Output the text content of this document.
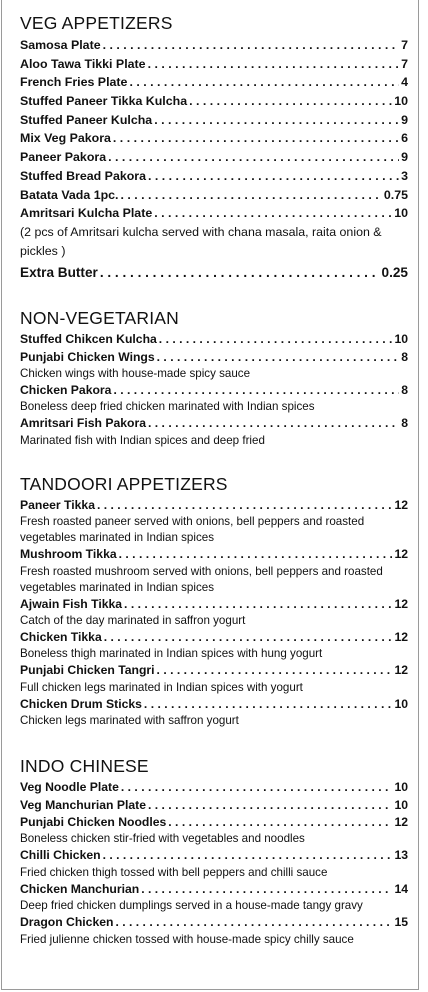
VEG APPETIZERS
Samosa Plate . . .	7
Aloo Tawa Tikki Plate . . .	7
French Fries Plate . . .	4
Stuffed Paneer Tikka Kulcha . . .	10
Stuffed Paneer Kulcha . . .	9
Mix Veg Pakora . . .	6
Paneer Pakora . . .	9
Stuffed Bread Pakora . . .	3
Batata Vada 1pc. . . .	0.75
Amritsari Kulcha Plate . . .	10
(2 pcs of Amritsari kulcha served with chana masala, raita onion & pickles )
Extra Butter . . .	0.25
NON-VEGETARIAN
Stuffed Chikcen Kulcha . . .	10
Punjabi Chicken Wings . . .	8
Chicken wings with house-made spicy sauce
Chicken Pakora . . .	8
Boneless deep fried chicken marinated with Indian spices
Amritsari Fish Pakora . . .	8
Marinated fish with Indian spices and deep fried
TANDOORI APPETIZERS
Paneer Tikka . . .	12
Fresh roasted paneer served with onions, bell peppers and roasted vegetables marinated in Indian spices
Mushroom Tikka . . .	12
Fresh roasted mushroom served with onions, bell peppers and roasted vegetables marinated in Indian spices
Ajwain Fish Tikka . . .	12
Catch of the day marinated in saffron yogurt
Chicken Tikka . . .	12
Boneless thigh marinated in Indian spices with hung yogurt
Punjabi Chicken Tangri . . .	12
Full chicken legs marinated in Indian spices with yogurt
Chicken Drum Sticks . . .	10
Chicken legs marinated with saffron yogurt
INDO CHINESE
Veg Noodle Plate . . .	10
Veg Manchurian Plate . . .	10
Punjabi Chicken Noodles . . .	12
Boneless chicken stir-fried with vegetables and noodles
Chilli Chicken . . .	13
Fried chicken thigh tossed with bell peppers and chilli sauce
Chicken Manchurian . . .	14
Deep fried chicken dumplings served in a house-made tangy gravy
Dragon Chicken . . .	15
Fried julienne chicken tossed with house-made spicy chilly sauce
